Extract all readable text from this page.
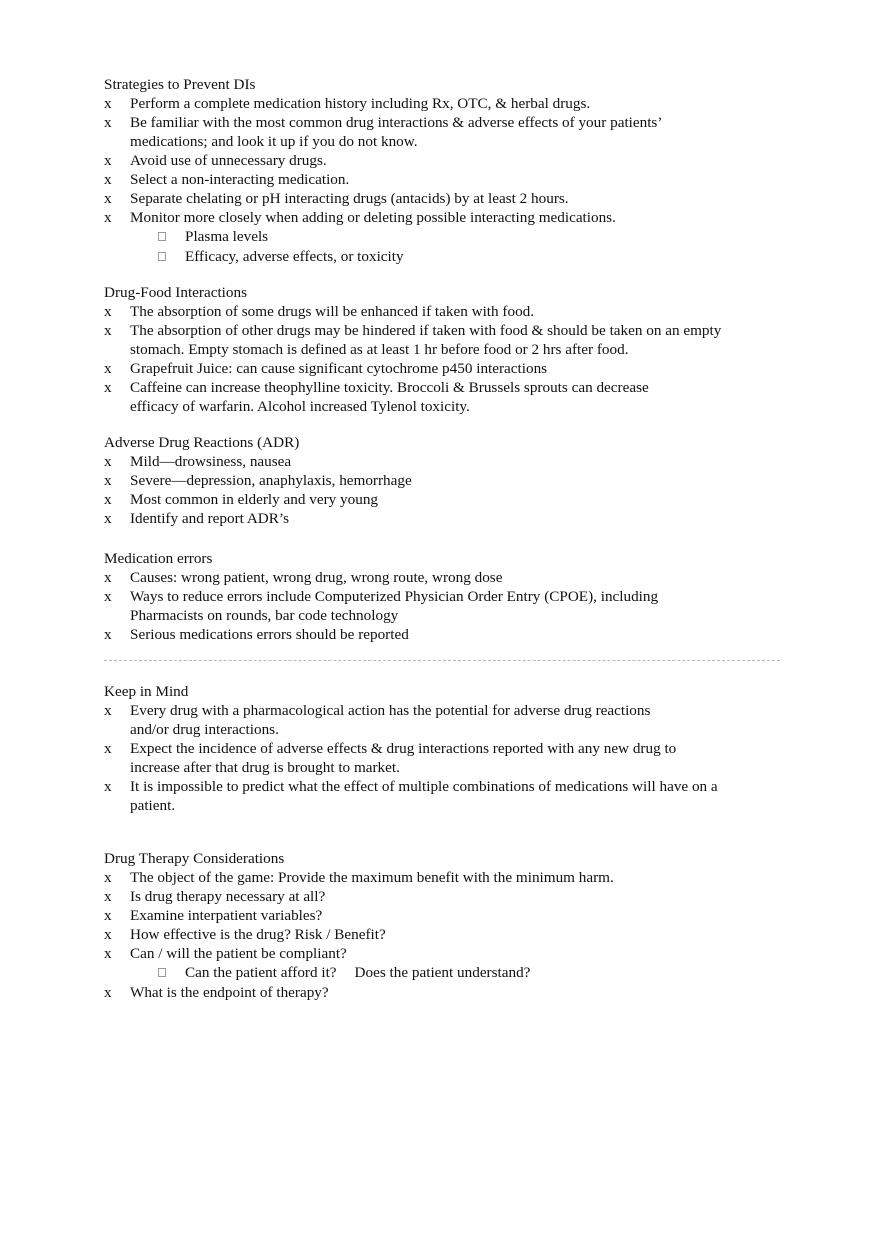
Strategies to Prevent DIs
x	Perform a complete medication history including Rx, OTC, & herbal drugs.
x	Be familiar with the most common drug interactions & adverse effects of your patients’ medications; and look it up if you do not know.
x	Avoid use of unnecessary drugs.
x	Select a non-interacting medication.
x	Separate chelating or pH interacting drugs (antacids) by at least 2 hours.
x	Monitor more closely when adding or deleting possible interacting medications.
Plasma levels
Efficacy, adverse effects, or toxicity
Drug-Food Interactions
x	The absorption of some drugs will be enhanced if taken with food.
x	The absorption of other drugs may be hindered if taken with food & should be taken on an empty stomach. Empty stomach is defined as at least 1 hr before food or 2 hrs after food.
x	Grapefruit Juice: can cause significant cytochrome p450 interactions
x	Caffeine can increase theophylline toxicity. Broccoli & Brussels sprouts can decrease efficacy of warfarin. Alcohol increased Tylenol toxicity.
Adverse Drug Reactions (ADR)
x	Mild—drowsiness, nausea
x	Severe—depression, anaphylaxis, hemorrhage
x	Most common in elderly and very young
x	Identify and report ADR’s
Medication errors
x	Causes: wrong patient, wrong drug, wrong route, wrong dose
x	Ways to reduce errors include Computerized Physician Order Entry (CPOE), including Pharmacists on rounds, bar code technology
x	Serious medications errors should be reported
Keep in Mind
x	Every drug with a pharmacological action has the potential for adverse drug reactions and/or drug interactions.
x	Expect the incidence of adverse effects & drug interactions reported with any new drug to increase after that drug is brought to market.
x	It is impossible to predict what the effect of multiple combinations of medications will have on a patient.
Drug Therapy Considerations
x	The object of the game: Provide the maximum benefit with the minimum harm.
x	Is drug therapy necessary at all?
x	Examine interpatient variables?
x	How effective is the drug? Risk / Benefit?
x	Can / will the patient be compliant?
Can the patient afford it? Does the patient understand?
x	What is the endpoint of therapy?
